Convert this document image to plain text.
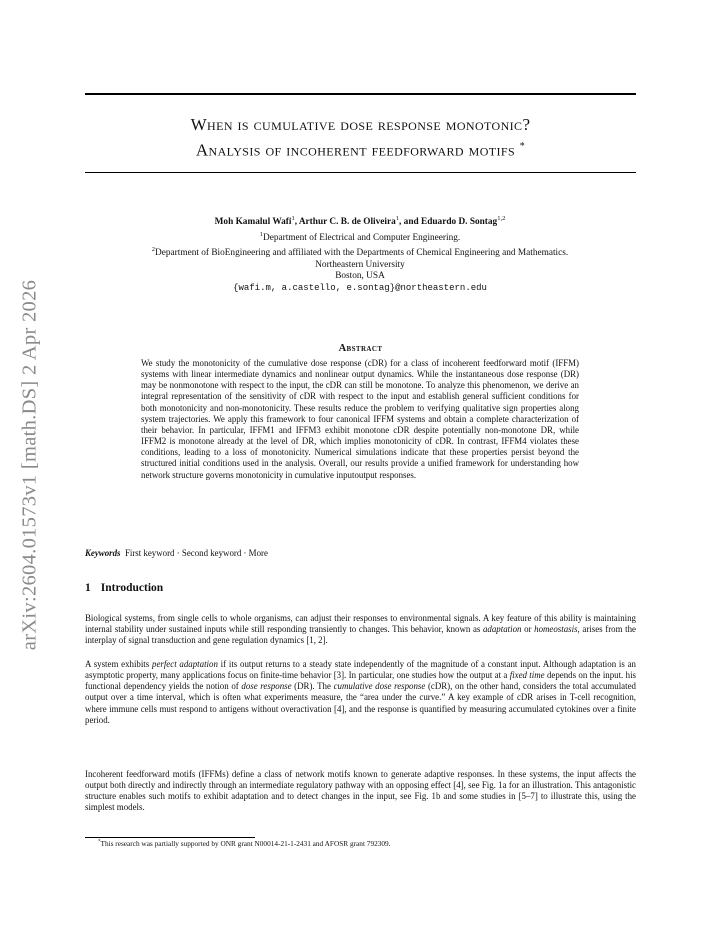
arXiv:2604.01573v1 [math.DS] 2 Apr 2026
When is cumulative dose response monotonic?
Analysis of incoherent feedforward motifs *
Moh Kamalul Wafi$^1$, Arthur C. B. de Oliveira$^1$, and Eduardo D. Sontag$^{1,2}$
$^1$Department of Electrical and Computer Engineering.
$^2$Department of BioEngineering and affiliated with the Departments of Chemical Engineering and Mathematics.
Northeastern University
Boston, USA
{wafi.m, a.castello, e.sontag}@northeastern.edu
Abstract
We study the monotonicity of the cumulative dose response (cDR) for a class of incoherent feedforward motif (IFFM) systems with linear intermediate dynamics and nonlinear output dynamics. While the instantaneous dose response (DR) may be nonmonotone with respect to the input, the cDR can still be monotone. To analyze this phenomenon, we derive an integral representation of the sensitivity of cDR with respect to the input and establish general sufficient conditions for both monotonicity and non-monotonicity. These results reduce the problem to verifying qualitative sign properties along system trajectories. We apply this framework to four canonical IFFM systems and obtain a complete characterization of their behavior. In particular, IFFM1 and IFFM3 exhibit monotone cDR despite potentially non-monotone DR, while IFFM2 is monotone already at the level of DR, which implies monotonicity of cDR. In contrast, IFFM4 violates these conditions, leading to a loss of monotonicity. Numerical simulations indicate that these properties persist beyond the structured initial conditions used in the analysis. Overall, our results provide a unified framework for understanding how network structure governs monotonicity in cumulative inputoutput responses.
Keywords First keyword · Second keyword · More
1 Introduction
Biological systems, from single cells to whole organisms, can adjust their responses to environmental signals. A key feature of this ability is maintaining internal stability under sustained inputs while still responding transiently to changes. This behavior, known as adaptation or homeostasis, arises from the interplay of signal transduction and gene regulation dynamics [1, 2].
A system exhibits perfect adaptation if its output returns to a steady state independently of the magnitude of a constant input. Although adaptation is an asymptotic property, many applications focus on finite-time behavior [3]. In particular, one studies how the output at a fixed time depends on the input. his functional dependency yields the notion of dose response (DR). The cumulative dose response (cDR), on the other hand, considers the total accumulated output over a time interval, which is often what experiments measure, the “area under the curve.” A key example of cDR arises in T-cell recognition, where immune cells must respond to antigens without overactivation [4], and the response is quantified by measuring accumulated cytokines over a finite period.
Incoherent feedforward motifs (IFFMs) define a class of network motifs known to generate adaptive responses. In these systems, the input affects the output both directly and indirectly through an intermediate regulatory pathway with an opposing effect [4], see Fig. 1a for an illustration. This antagonistic structure enables such motifs to exhibit adaptation and to detect changes in the input, see Fig. 1b and some studies in [5–7] to illustrate this, using the simplest models.
*This research was partially supported by ONR grant N00014-21-1-2431 and AFOSR grant 792309.
